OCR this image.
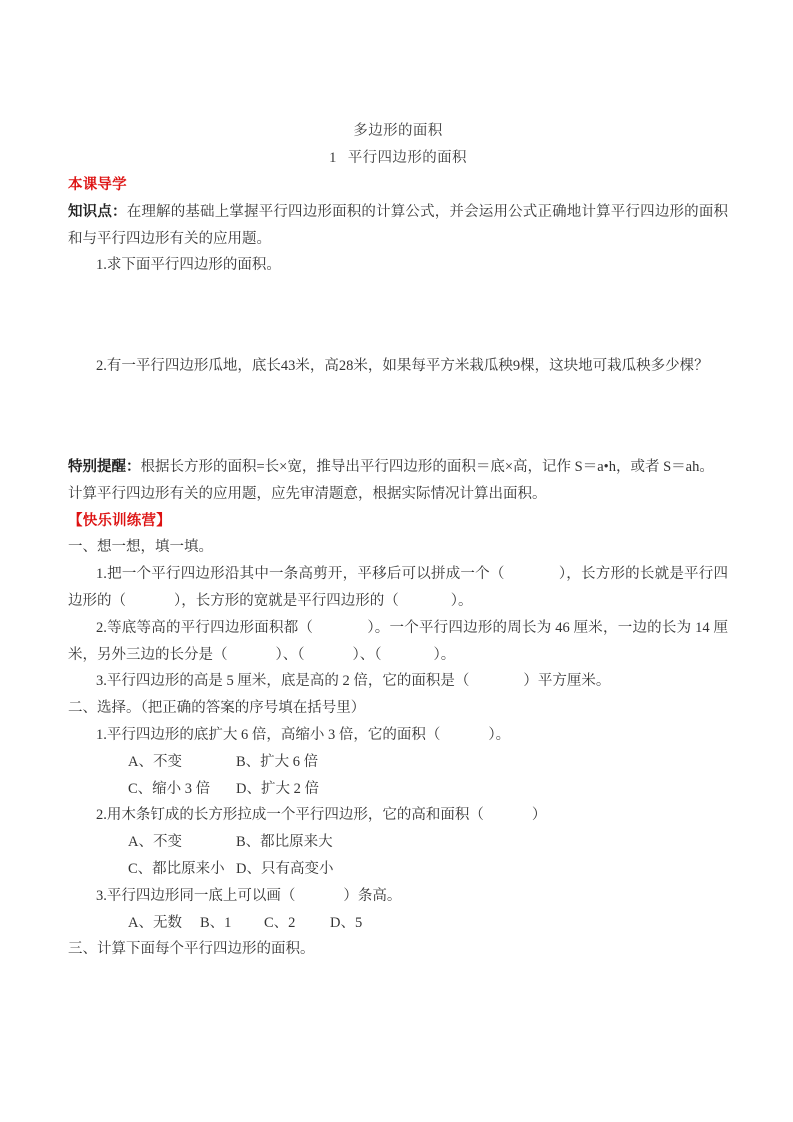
多边形的面积
1 平行四边形的面积
本课导学

知识点：在理解的基础上掌握平行四边形面积的计算公式，并会运用公式正确地计算平行四边形的面积和与平行四边形有关的应用题。

1.求下面平行四边形的面积。

2.有一平行四边形瓜地，底长43米，高28米，如果每平方米栽瓜秧9棵，这块地可栽瓜秧多少棵？

特别提醒：根据长方形的面积=长×宽，推导出平行四边形的面积＝底×高，记作 S＝a•h，或者 S＝ah。

计算平行四边形有关的应用题，应先审清题意，根据实际情况计算出面积。

【快乐训练营】

一、想一想，填一填。

1.把一个平行四边形沿其中一条高剪开，平移后可以拼成一个（	），长方形的长就是平行四边形的（	），长方形的宽就是平行四边形的（	）。

2.等底等高的平行四边形面积都（	）。一个平行四边形的周长为 46 厘米，一边的长为 14 厘米，另外三边的长分是（	）、（	）、（	）。

3.平行四边形的高是 5 厘米，底是高的 2 倍，它的面积是（	）平方厘米。

二、选择。（把正确的答案的序号填在括号里）

1.平行四边形的底扩大 6 倍，高缩小 3 倍，它的面积（	）。

A、不变	B、扩大 6 倍
C、缩小 3 倍 D、扩大 2 倍

2.用木条钉成的长方形拉成一个平行四边形，它的高和面积（	）

A、不变	B、都比原来大
C、都比原来小 D、只有高变小

3.平行四边形同一底上可以画（	）条高。

A、无数 B、1 C、2 D、5

三、计算下面每个平行四边形的面积。
